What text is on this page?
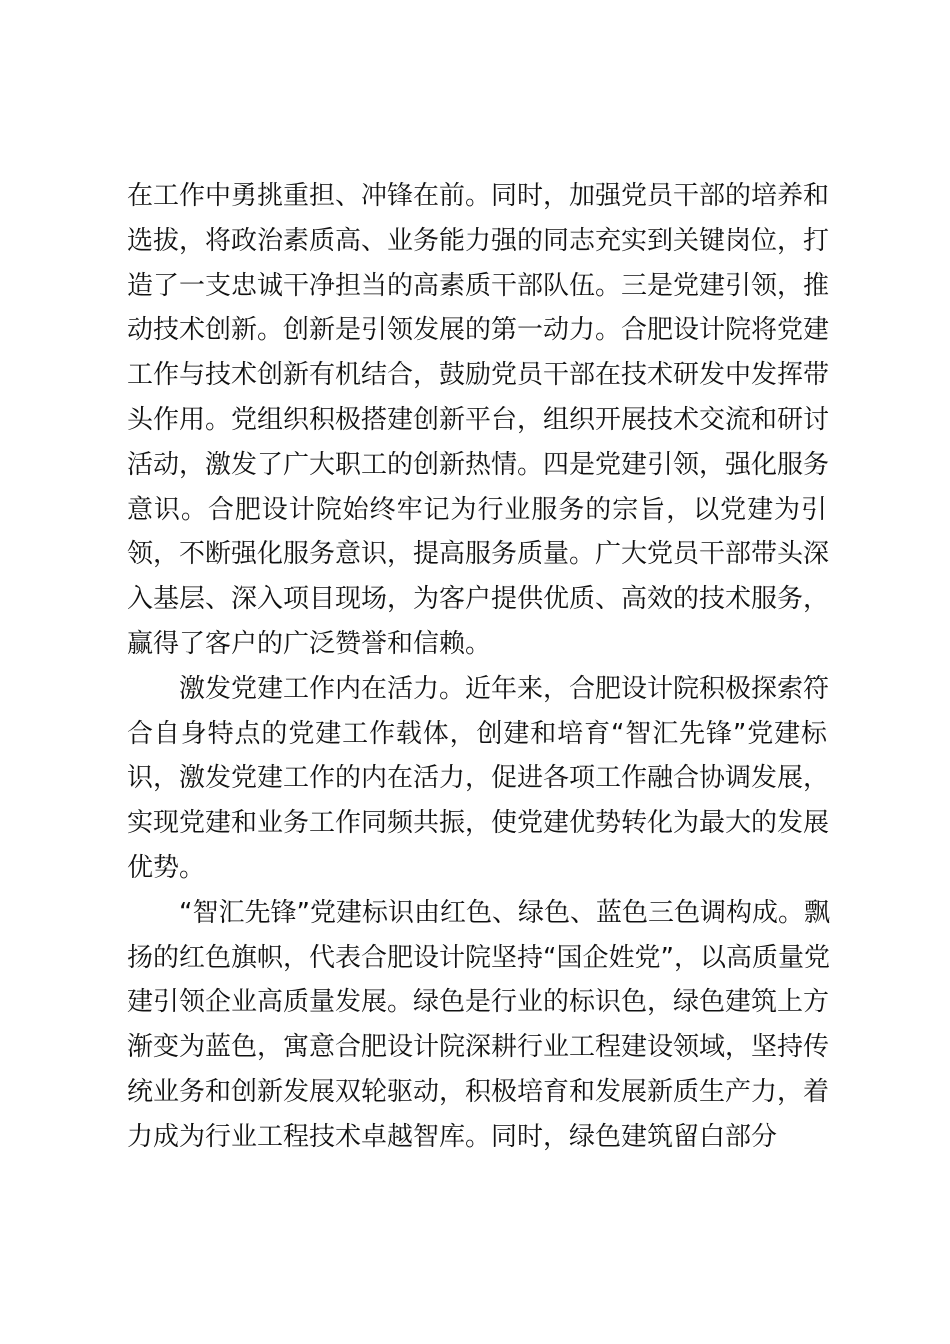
在工作中勇挑重担、冲锋在前。同时，加强党员干部的培养和
选拔，将政治素质高、业务能力强的同志充实到关键岗位，打
造了一支忠诚干净担当的高素质干部队伍。三是党建引领，推
动技术创新。创新是引领发展的第一动力。合肥设计院将党建
工作与技术创新有机结合，鼓励党员干部在技术研发中发挥带
头作用。党组织积极搭建创新平台，组织开展技术交流和研讨
活动，激发了广大职工的创新热情。四是党建引领，强化服务
意识。合肥设计院始终牢记为行业服务的宗旨，以党建为引
领，不断强化服务意识，提高服务质量。广大党员干部带头深
入基层、深入项目现场，为客户提供优质、高效的技术服务，
赢得了客户的广泛赞誉和信赖。
激发党建工作内在活力。近年来，合肥设计院积极探索符
合自身特点的党建工作载体，创建和培育“智汇先锋”党建标
识，激发党建工作的内在活力，促进各项工作融合协调发展，
实现党建和业务工作同频共振，使党建优势转化为最大的发展
优势。
“智汇先锋”党建标识由红色、绿色、蓝色三色调构成。飘
扬的红色旗帜，代表合肥设计院坚持“国企姓党”，以高质量党
建引领企业高质量发展。绿色是行业的标识色，绿色建筑上方
渐变为蓝色，寓意合肥设计院深耕行业工程建设领域，坚持传
统业务和创新发展双轮驱动，积极培育和发展新质生产力，着
力成为行业工程技术卓越智库。同时，绿色建筑留白部分
